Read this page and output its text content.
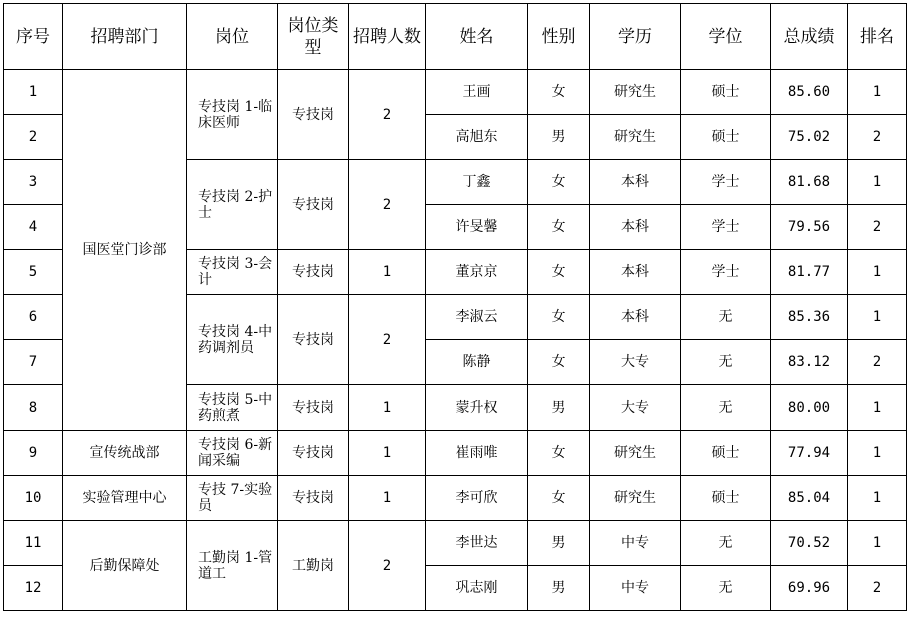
序号	招聘部门	岗位	岗位类型	招聘人数	姓名	性别	学历	学位	总成绩	排名
1	国医堂门诊部	专技岗 1-临床医师	专技岗	2	王画	女	研究生	硕士	85.60	1
2					高旭东	男	研究生	硕士	75.02	2
3		专技岗 2-护士	专技岗	2	丁鑫	女	本科	学士	81.68	1
4					许旻馨	女	本科	学士	79.56	2
5		专技岗 3-会计	专技岗	1	董京京	女	本科	学士	81.77	1
6		专技岗 4-中药调剂员	专技岗	2	李淑云	女	本科	无	85.36	1
7					陈静	女	大专	无	83.12	2
8		专技岗 5-中药煎煮	专技岗	1	蒙升权	男	大专	无	80.00	1
9	宣传统战部	专技岗 6-新闻采编	专技岗	1	崔雨唯	女	研究生	硕士	77.94	1
10	实验管理中心	专技 7-实验员	专技岗	1	李可欣	女	研究生	硕士	85.04	1
11	后勤保障处	工勤岗 1-管道工	工勤岗	2	李世达	男	中专	无	70.52	1
12					巩志刚	男	中专	无	69.96	2
